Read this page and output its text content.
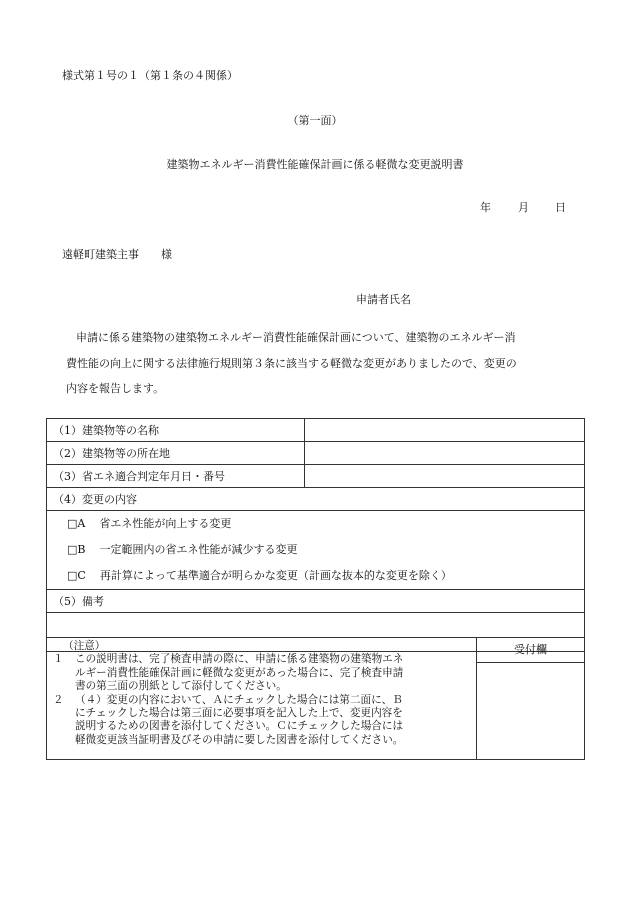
様式第１号の１（第１条の４関係）
（第一面）
建築物エネルギー消費性能確保計画に係る軽微な変更説明書
年 月 日
遠軽町建築主事　　様
申請者氏名
申請に係る建築物の建築物エネルギー消費性能確保計画について、建築物のエネルギー消
費性能の向上に関する法律施行規則第３条に該当する軽微な変更がありましたので、変更の
内容を報告します。
（1）建築物等の名称	
（2）建築物等の所在地	
（3）省エネ適合判定年月日・番号	
（4）変更の内容	

□A 省エネ性能が向上する変更
□B 一定範囲内の省エネ性能が減少する変更
□C 再計算によって基準適合が明らかな変更（計画な抜本的な変更を除く）	

（5）備考	

（注意）
１	この説明書は、完了検査申請の際に、申請に係る建築物の建築物エネ
ルギー消費性能確保計画に軽微な変更があった場合に、完了検査申請
書の第三面の別紙として添付してください。
２	（４）変更の内容において、Ａにチェックした場合には第二面に、Ｂ
にチェックした場合は第三面に必要事項を記入した上で、変更内容を
説明するための図書を添付してください。Ｃにチェックした場合には
軽微変更該当証明書及びその申請に要した図書を添付してください。

受付欄
